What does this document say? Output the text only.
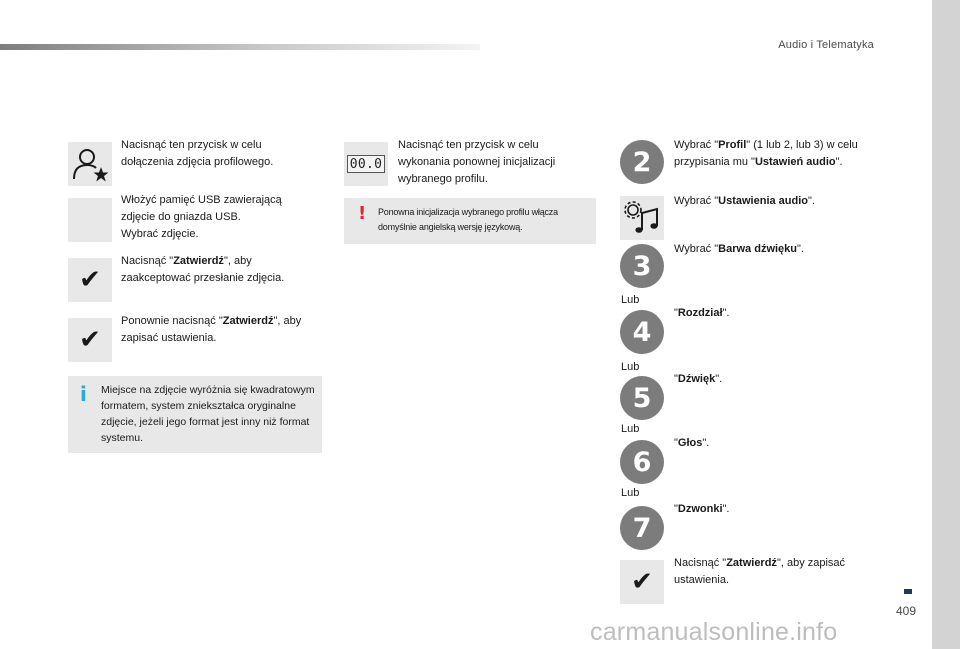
Audio i Telematyka
409
carmanualsonline.info
Nacisnąć ten przycisk w celu dołączenia zdjęcia profilowego.
Włożyć pamięć USB zawierającą zdjęcie do gniazda USB.
Wybrać zdjęcie.
✔
Nacisnąć "Zatwierdź", aby zaakceptować przesłanie zdjęcia.
✔
Ponownie nacisnąć "Zatwierdź", aby zapisać ustawienia.
i Miejsce na zdjęcie wyróżnia się kwadratowym formatem, system zniekształca oryginalne zdjęcie, jeżeli jego format jest inny niż format systemu.
00.0
Nacisnąć ten przycisk w celu wykonania ponownej inicjalizacji wybranego profilu.
! Ponowna inicjalizacja wybranego profilu włącza domyślnie angielską wersję językową.
2
Wybrać "Profil" (1 lub 2, lub 3) w celu przypisania mu "Ustawień audio".
Wybrać "Ustawienia audio".
3
Wybrać "Barwa dźwięku".
Lub
4
"Rozdział".
Lub
5
"Dźwięk".
Lub
6
"Głos".
Lub
7
"Dzwonki".
✔
Nacisnąć "Zatwierdź", aby zapisać ustawienia.
